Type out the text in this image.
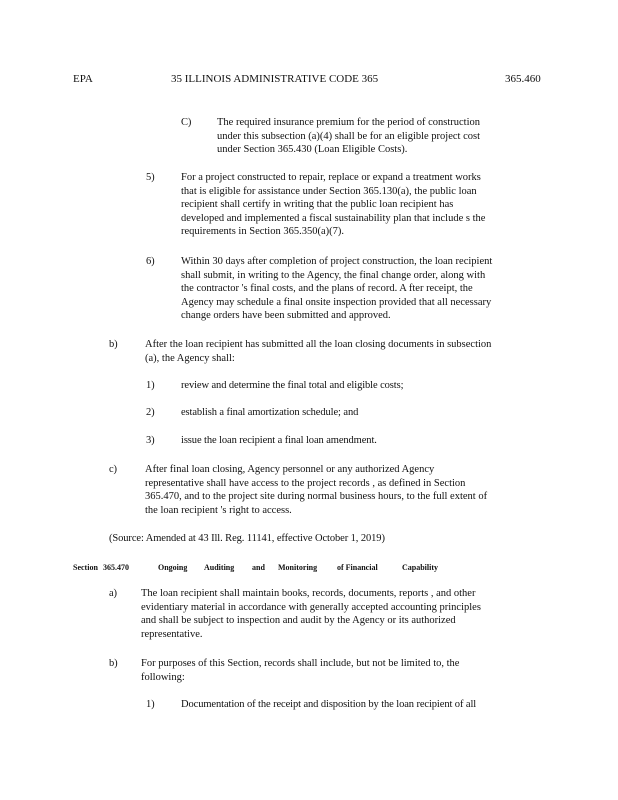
EPA	35 ILLINOIS ADMINISTRATIVE CODE 365	365.460
C) The required insurance premium for the period of construction
under this subsection (a)(4) shall be for an eligible project cost
under Section 365.430 (Loan Eligible Costs).
5)	For a project constructed to repair, replace or expand a treatment works
that is eligible for assistance under Section 365.130(a), the public loan
recipient shall certify in writing that the public loan recipient has
developed and implemented a fiscal sustainability plan that include s the
requirements in Section 365.350(a)(7).
6)	Within 30 days after completion of project construction, the loan recipient
shall submit, in writing to the Agency, the final change order, along with
the contractor 's final costs, and the plans of record. A fter receipt, the
Agency may schedule a final onsite inspection provided that all necessary
change orders have been submitted and approved.
b)	After the loan recipient has submitted all the loan closing documents in subsection
(a), the Agency shall:
1)	review and determine the final total and eligible costs;
2)	establish a final amortization schedule; and
3)	issue the loan recipient a final loan amendment.
c)	After final loan closing, Agency personnel or any authorized Agency
representative shall have access to the project records , as defined in Section
365.470, and to the project site during normal business hours, to the full extent of
the loan recipient 's right to access.
(Source: Amended at 43 Ill. Reg. 11141, effective October 1, 2019)
Section 365.470	Ongoing Auditing and Monitoring of Financial	Capability
a) The loan recipient shall maintain books, records, documents, reports , and other
evidentiary material in accordance with generally accepted accounting principles
and shall be subject to inspection and audit by the Agency or its authorized
representative.
b) For purposes of this Section, records shall include, but not be limited to, the
following:
1)	Documentation of the receipt and disposition by the loan recipient of all
